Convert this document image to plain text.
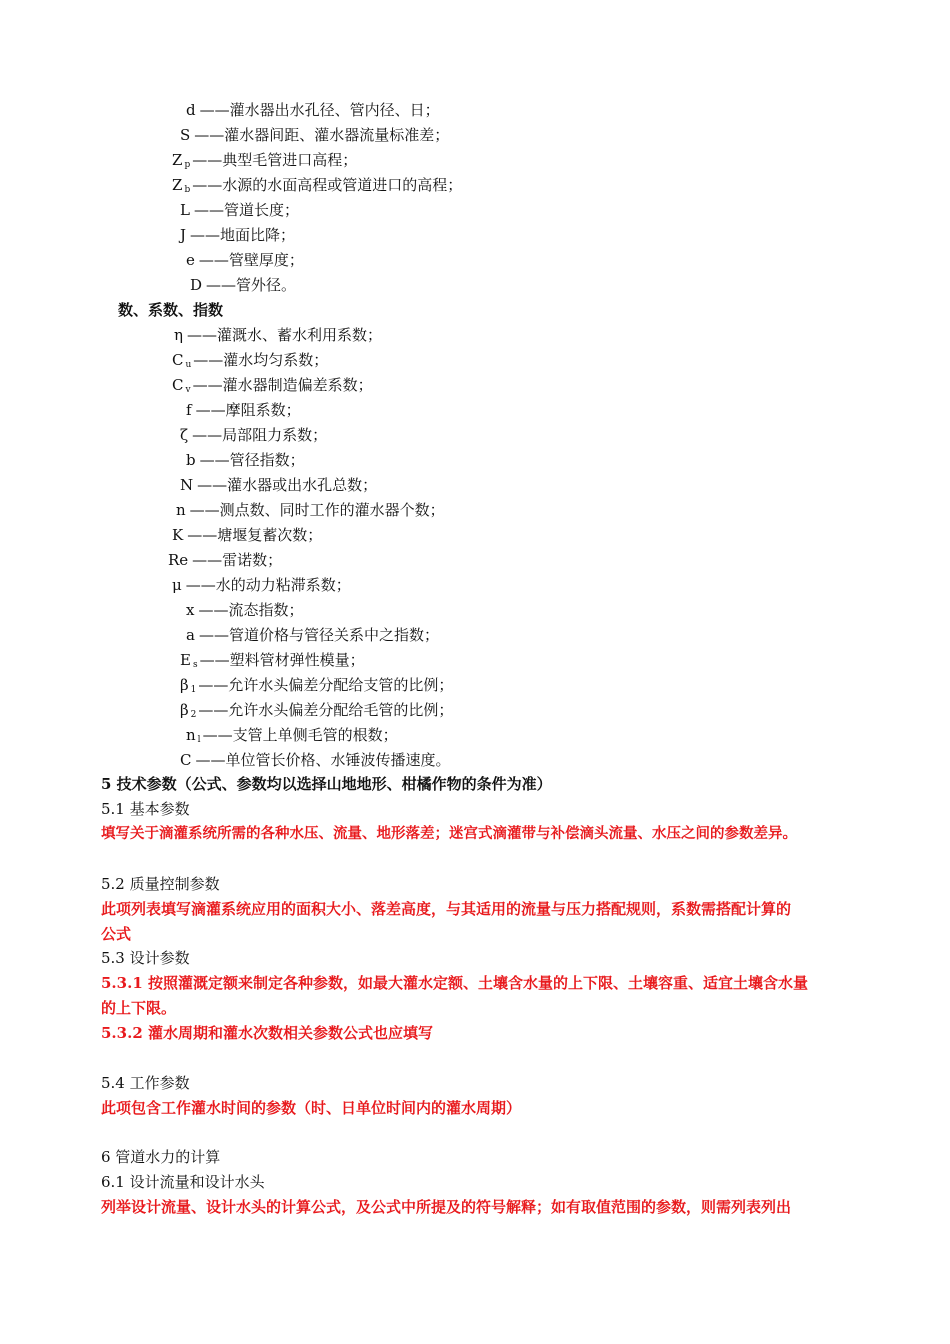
d ——灌水器出水孔径、管内径、日；
S ——灌水器间距、灌水器流量标准差；
Z $_p$ ——典型毛管进口高程；
Z $_b$ ——水源的水面高程或管道进口的高程；
L ——管道长度；
J ——地面比降；
e ——管壁厚度；
D ——管外径。
数、系数、指数
η ——灌溉水、蓄水利用系数；
C $_u$ ——灌水均匀系数；
C $_v$ ——灌水器制造偏差系数；
f ——摩阻系数；
ζ ——局部阻力系数；
b ——管径指数；
N ——灌水器或出水孔总数；
n ——测点数、同时工作的灌水器个数；
K ——塘堰复蓄次数；
Re ——雷诺数；
μ ——水的动力粘滞系数；
x ——流态指数；
a ——管道价格与管径关系中之指数；
E $_s$ ——塑料管材弹性模量；
β $_1$ ——允许水头偏差分配给支管的比例；
β $_2$ ——允许水头偏差分配给毛管的比例；
n $_l$ ——支管上单侧毛管的根数；
C ——单位管长价格、水锤波传播速度。
5 技术参数（公式、参数均以选择山地地形、柑橘作物的条件为准）
5.1 基本参数
填写关于滴灌系统所需的各种水压、流量、地形落差；迷宫式滴灌带与补偿滴头流量、水压之间的参数差异。
5.2 质量控制参数
此项列表填写滴灌系统应用的面积大小、落差高度，与其适用的流量与压力搭配规则，系数需搭配计算的
公式
5.3 设计参数
5.3.1 按照灌溉定额来制定各种参数，如最大灌水定额、土壤含水量的上下限、土壤容重、适宜土壤含水量
的上下限。
5.3.2 灌水周期和灌水次数相关参数公式也应填写
5.4 工作参数
此项包含工作灌水时间的参数（时、日单位时间内的灌水周期）
6 管道水力的计算
6.1 设计流量和设计水头
列举设计流量、设计水头的计算公式，及公式中所提及的符号解释；如有取值范围的参数，则需列表列出
